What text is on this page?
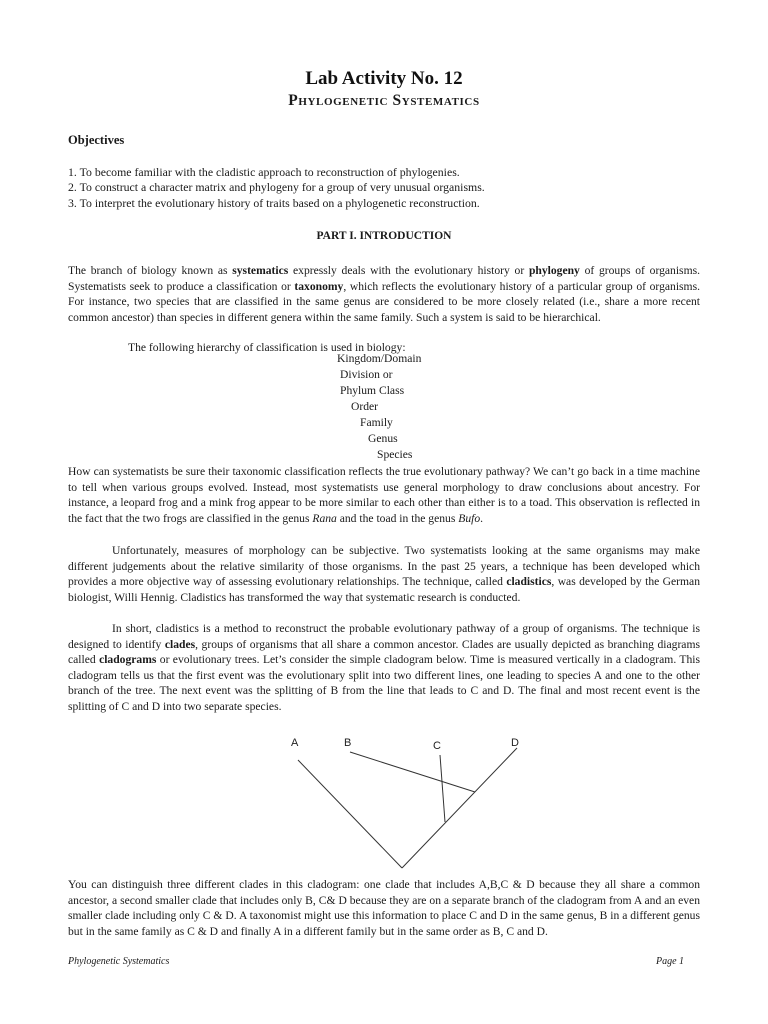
Lab Activity No. 12
Phylogenetic Systematics
Objectives
1. To become familiar with the cladistic approach to reconstruction of phylogenies.
2. To construct a character matrix and phylogeny for a group of very unusual organisms.
3. To interpret the evolutionary history of traits based on a phylogenetic reconstruction.
PART I. INTRODUCTION

The branch of biology known as systematics expressly deals with the evolutionary history or phylogeny of groups of organisms. Systematists seek to produce a classification or taxonomy, which reflects the evolutionary history of a particular group of organisms. For instance, two species that are classified in the same genus are considered to be more closely related (i.e., share a more recent common ancestor) than species in different genera within the same family. Such a system is said to be hierarchical.

The following hierarchy of classification is used in biology:
Kingdom/Domain
Division or
Phylum Class
Order
Family
Genus
Species

How can systematists be sure their taxonomic classification reflects the true evolutionary pathway? We can’t go back in a time machine to tell when various groups evolved. Instead, most systematists use general morphology to draw conclusions about ancestry. For instance, a leopard frog and a mink frog appear to be more similar to each other than either is to a toad. This observation is reflected in the fact that the two frogs are classified in the genus Rana and the toad in the genus Bufo.

Unfortunately, measures of morphology can be subjective. Two systematists looking at the same organisms may make different judgements about the relative similarity of those organisms. In the past 25 years, a technique has been developed which provides a more objective way of assessing evolutionary relationships. The technique, called cladistics, was developed by the German biologist, Willi Hennig. Cladistics has transformed the way that systematic research is conducted.

In short, cladistics is a method to reconstruct the probable evolutionary pathway of a group of organisms. The technique is designed to identify clades, groups of organisms that all share a common ancestor. Clades are usually depicted as branching diagrams called cladograms or evolutionary trees. Let’s consider the simple cladogram below. Time is measured vertically in a cladogram. This cladogram tells us that the first event was the evolutionary split into two different lines, one leading to species A and one to the other branch of the tree. The next event was the splitting of B from the line that leads to C and D. The final and most recent event is the splitting of C and D into two separate species.

A	B	C	D

You can distinguish three different clades in this cladogram: one clade that includes A,B,C & D because they all share a common ancestor, a second smaller clade that includes only B, C& D because they are on a separate branch of the cladogram from A and an even smaller clade including only C & D. A taxonomist might use this information to place C and D in the same genus, B in a different genus but in the same family as C & D and finally A in a different family but in the same order as B, C and D.

Phylogenetic Systematics	Page 1
